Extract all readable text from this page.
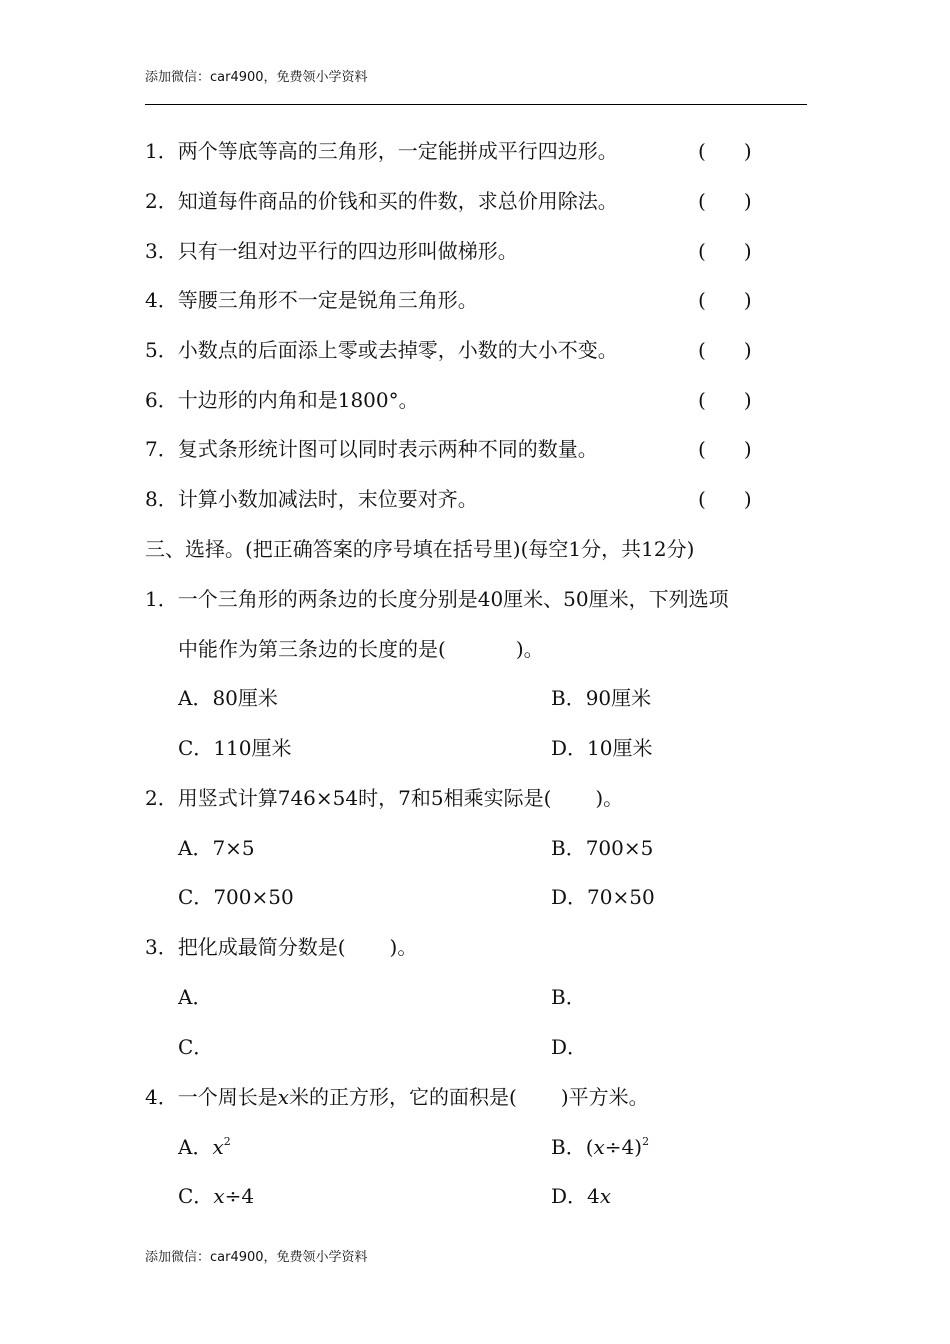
添加微信：car4900，免费领小学资料
1．两个等底等高的三角形，一定能拼成平行四边形。	( )
2．知道每件商品的价钱和买的件数，求总价用除法。	( )
3．只有一组对边平行的四边形叫做梯形。	( )
4．等腰三角形不一定是锐角三角形。	( )
5．小数点的后面添上零或去掉零，小数的大小不变。	( )
6．十边形的内角和是1800°。	( )
7．复式条形统计图可以同时表示两种不同的数量。	( )
8．计算小数加减法时，末位要对齐。	( )
三、选择。(把正确答案的序号填在括号里)(每空1分，共12分)
1．一个三角形的两条边的长度分别是40厘米、50厘米，下列选项
中能作为第三条边的长度的是(	)。
A．80厘米	B．90厘米
C．110厘米	D．10厘米
2．用竖式计算746×54时，7和5相乘实际是( )。
A．7×5	B．700×5
C．700×50	D．70×50
3．把化成最简分数是( )。
A．	B．
C．	D．
4．一个周长是x米的正方形，它的面积是( )平方米。
A．$x^2$	B．$(x\div 4)^2$
C．x÷4	D．4x
添加微信：car4900，免费领小学资料
